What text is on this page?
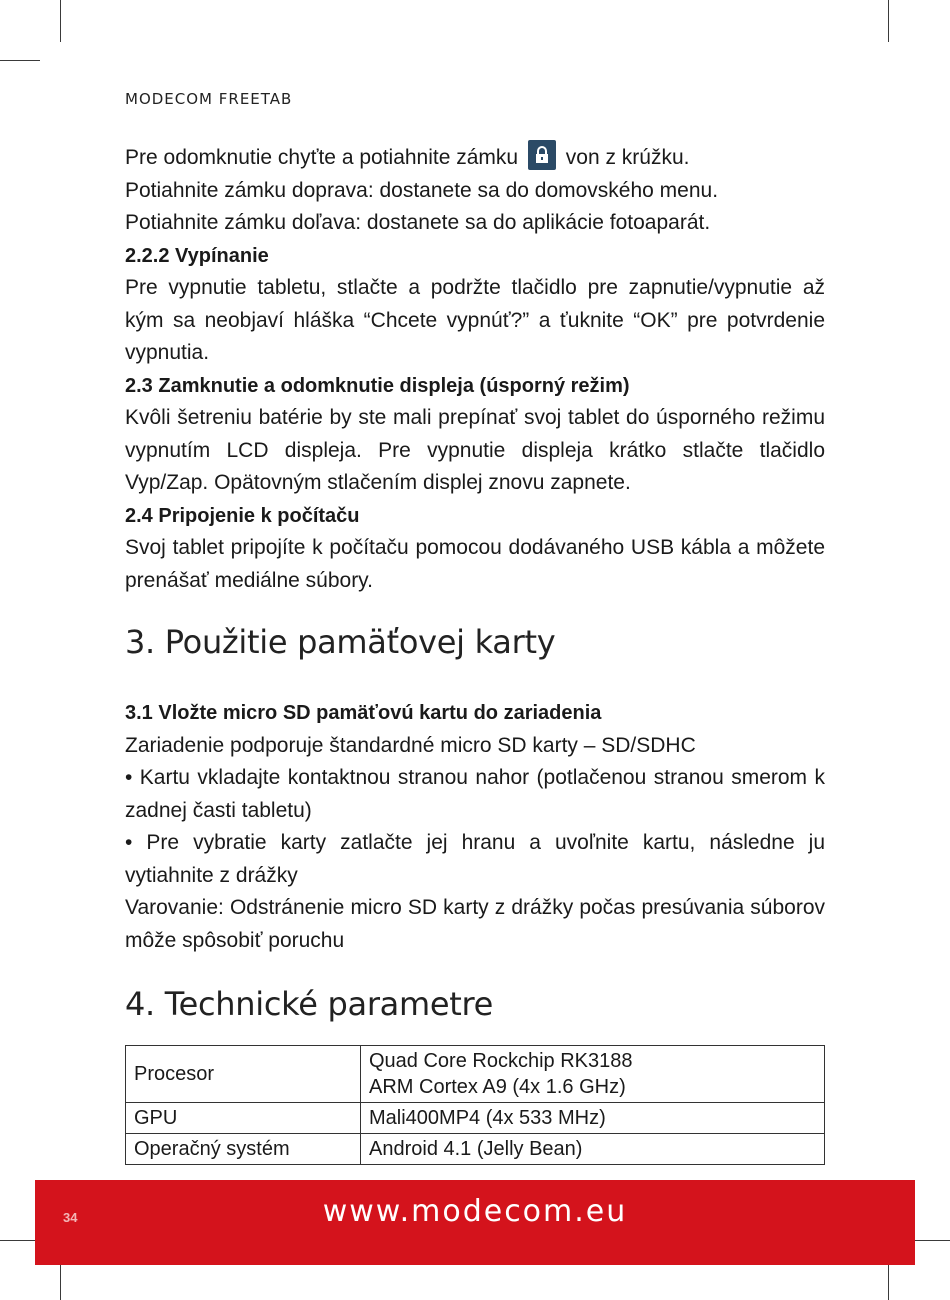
MODECOM FREETAB

Pre odomknutie chyťte a potiahnite zámku von z krúžku.

Potiahnite zámku doprava: dostanete sa do domovského menu.

Potiahnite zámku doľava: dostanete sa do aplikácie fotoaparát.

2.2.2 Vypínanie

Pre vypnutie tabletu, stlačte a podržte tlačidlo pre zapnutie/vypnutie až kým sa neobjaví hláška “Chcete vypnúť?” a ťuknite “OK” pre potvrdenie vypnutia.

2.3 Zamknutie a odomknutie displeja (úsporný režim)

Kvôli šetreniu batérie by ste mali prepínať svoj tablet do úsporného režimu vypnutím LCD displeja. Pre vypnutie displeja krátko stlačte tlačidlo Vyp/Zap. Opätovným stlačením displej znovu zapnete.

2.4 Pripojenie k počítaču

Svoj tablet pripojíte k počítaču pomocou dodávaného USB kábla a môžete prenášať mediálne súbory.

3. Použitie pamäťovej karty

3.1 Vložte micro SD pamäťovú kartu do zariadenia

Zariadenie podporuje štandardné micro SD karty – SD/SDHC

• Kartu vkladajte kontaktnou stranou nahor (potlačenou stranou smerom k zadnej časti tabletu)

• Pre vybratie karty zatlačte jej hranu a uvoľnite kartu, následne ju vytiahnite z drážky

Varovanie: Odstránenie micro SD karty z drážky počas presúvania súborov môže spôsobiť poruchu

4. Technické parametre
Procesor	Quad Core Rockchip RK3188
ARM Cortex A9 (4x 1.6 GHz)

GPU	Mali400MP4 (4x 533 MHz)
Operačný systém	Android 4.1 (Jelly Bean)
34	www.modecom.eu
